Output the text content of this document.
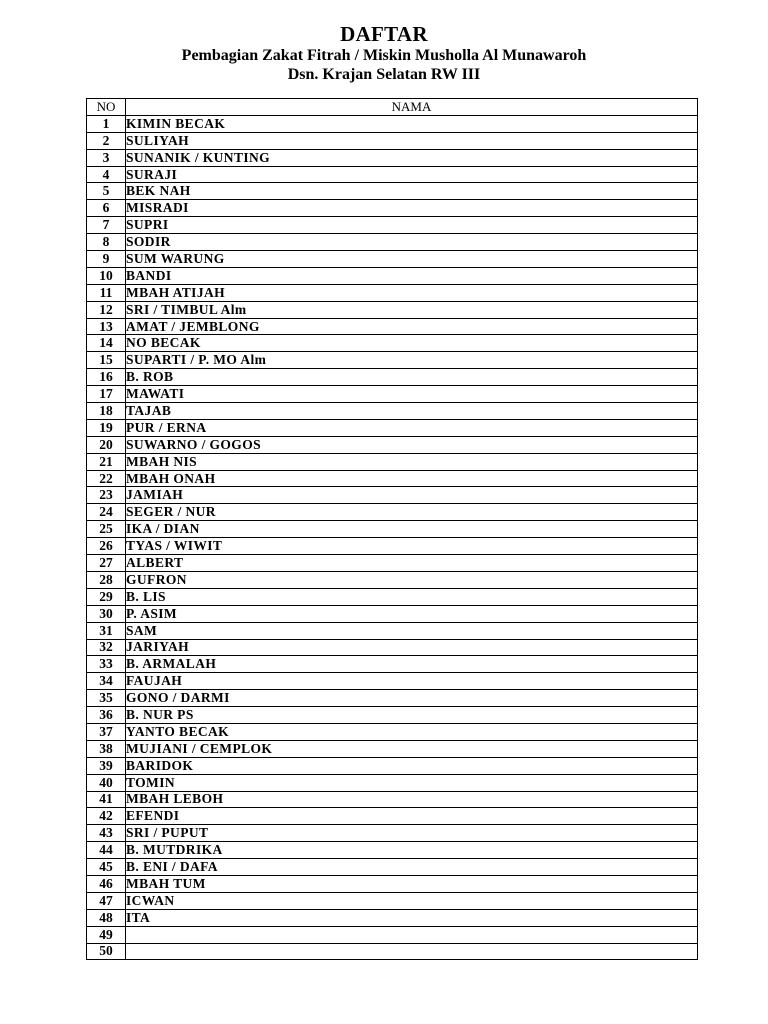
DAFTAR
Pembagian Zakat Fitrah / Miskin Musholla Al Munawaroh
Dsn. Krajan Selatan RW III
NO	NAMA
1	KIMIN BECAK
2	SULIYAH
3	SUNANIK / KUNTING
4	SURAJI
5	BEK NAH
6	MISRADI
7	SUPRI
8	SODIR
9	SUM WARUNG
10	BANDI
11	MBAH ATIJAH
12	SRI / TIMBUL Alm
13	AMAT / JEMBLONG
14	NO BECAK
15	SUPARTI / P. MO Alm
16	B. ROB
17	MAWATI
18	TAJAB
19	PUR / ERNA
20	SUWARNO / GOGOS
21	MBAH NIS
22	MBAH ONAH
23	JAMIAH
24	SEGER / NUR
25	IKA / DIAN
26	TYAS / WIWIT
27	ALBERT
28	GUFRON
29	B. LIS
30	P. ASIM
31	SAM
32	JARIYAH
33	B. ARMALAH
34	FAUJAH
35	GONO / DARMI
36	B. NUR PS
37	YANTO BECAK
38	MUJIANI / CEMPLOK
39	BARIDOK
40	TOMIN
41	MBAH LEBOH
42	EFENDI
43	SRI / PUPUT
44	B. MUTDRIKA
45	B. ENI / DAFA
46	MBAH TUM
47	ICWAN
48	ITA
49	
50	
